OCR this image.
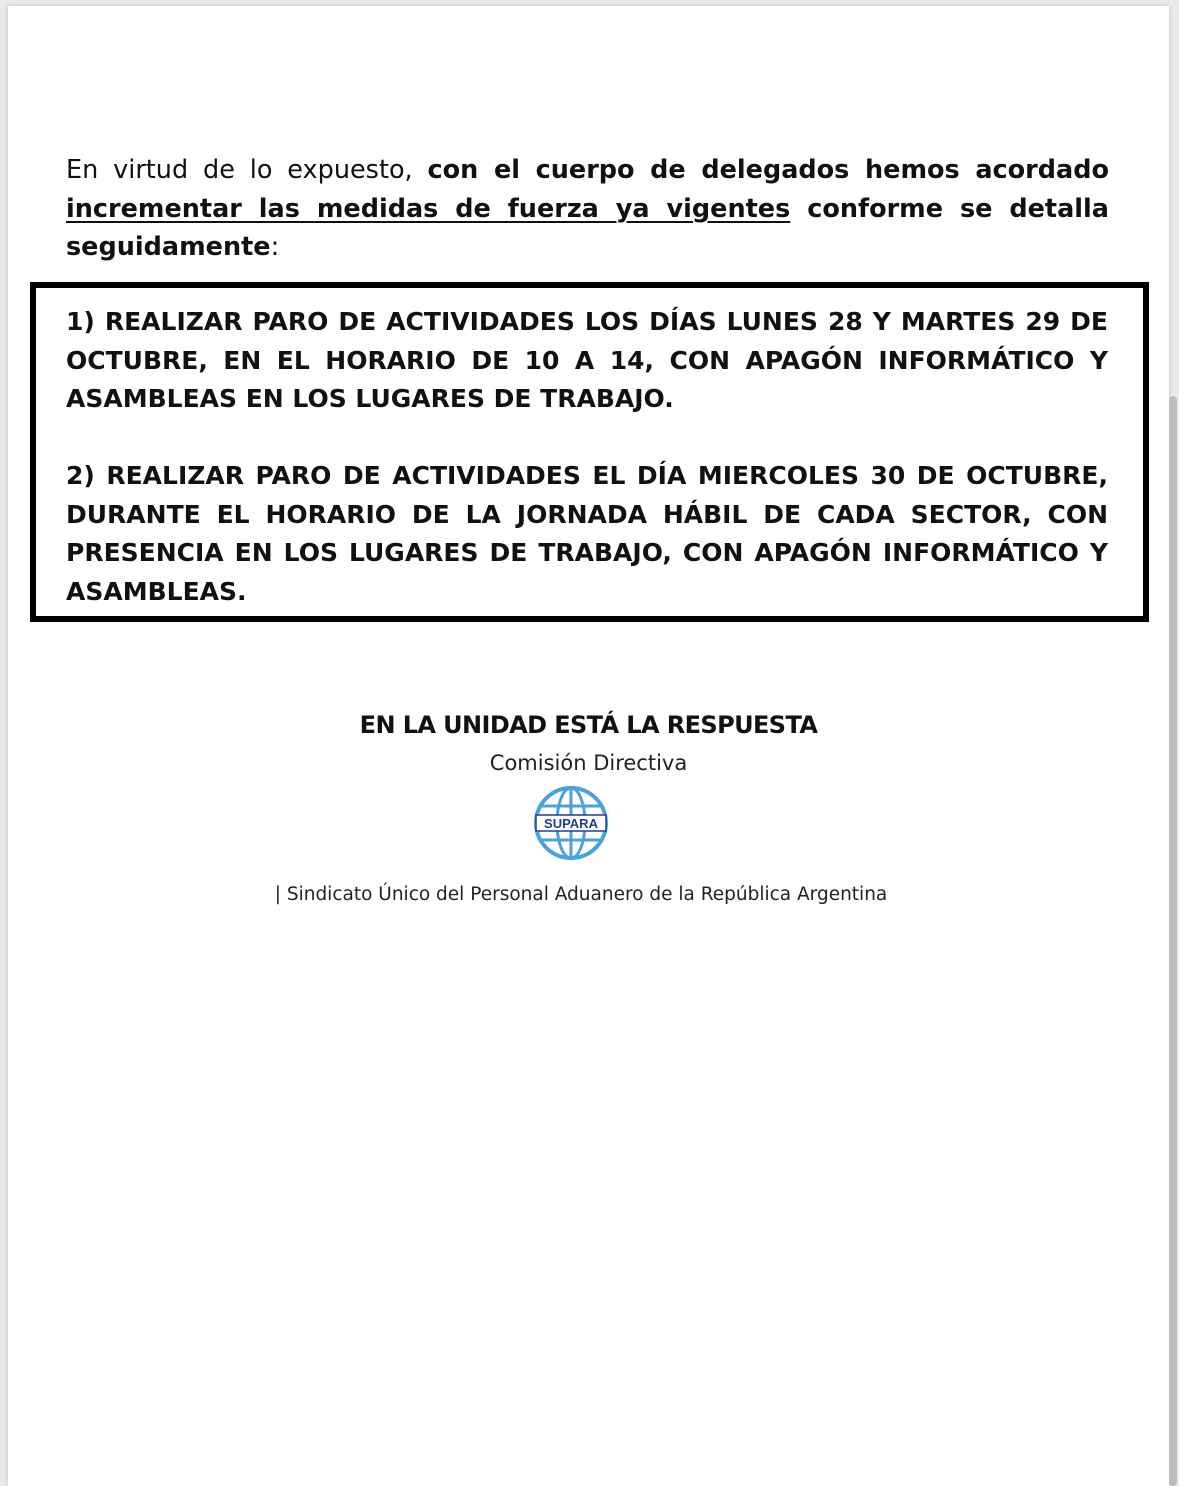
En virtud de lo expuesto, con el cuerpo de delegados hemos acordado incrementar las medidas de fuerza ya vigentes conforme se detalla seguidamente:

1) REALIZAR PARO DE ACTIVIDADES LOS DÍAS LUNES 28 Y MARTES 29 DE OCTUBRE, EN EL HORARIO DE 10 A 14, CON APAGÓN INFORMÁTICO Y ASAMBLEAS EN LOS LUGARES DE TRABAJO.
2) REALIZAR PARO DE ACTIVIDADES EL DÍA MIERCOLES 30 DE OCTUBRE, DURANTE EL HORARIO DE LA JORNADA HÁBIL DE CADA SECTOR, CON PRESENCIA EN LOS LUGARES DE TRABAJO, CON APAGÓN INFORMÁTICO Y ASAMBLEAS.
EN LA UNIDAD ESTÁ LA RESPUESTA
Comisión Directiva
SUPARA
| Sindicato Único del Personal Aduanero de la República Argentina
